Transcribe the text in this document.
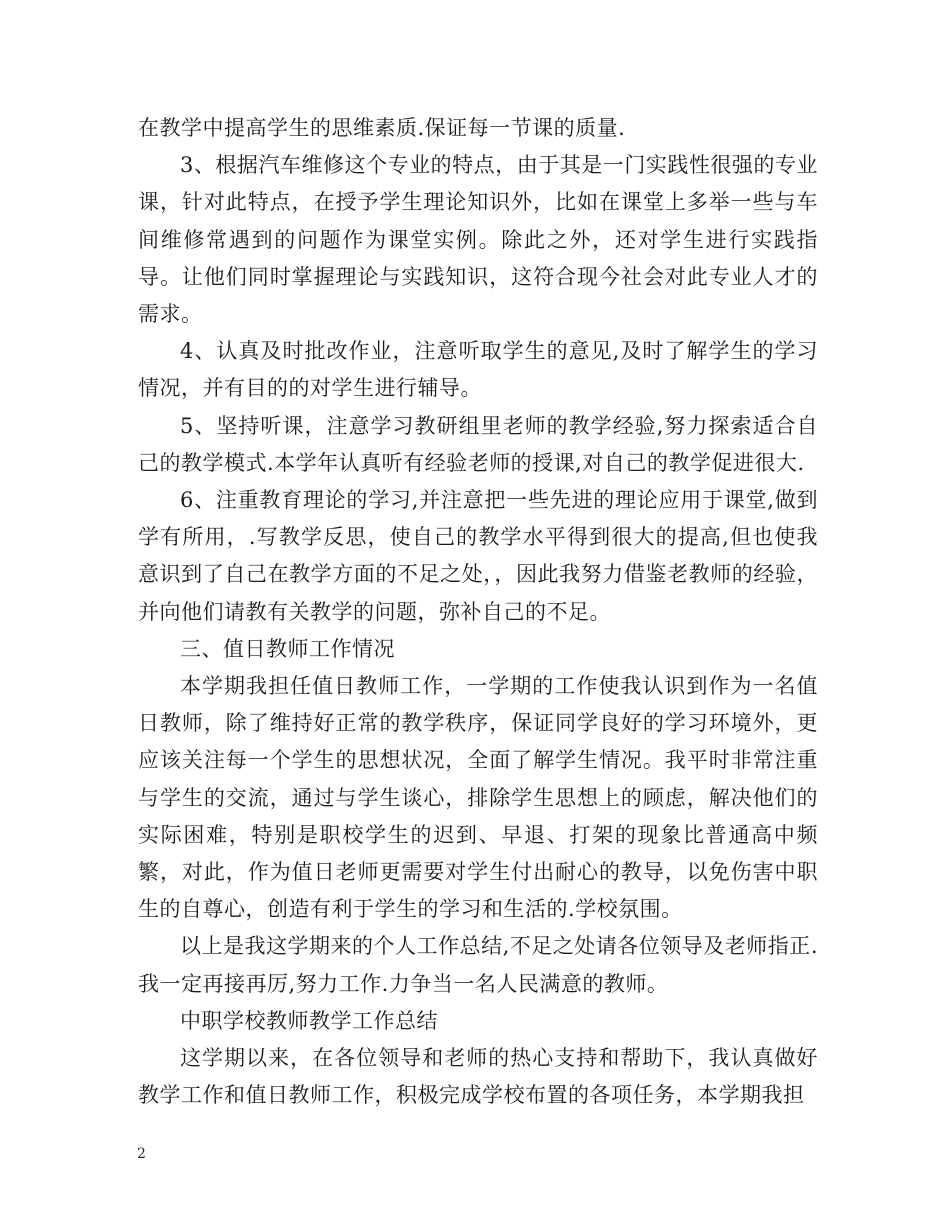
在教学中提高学生的思维素质.保证每一节课的质量.

3、根据汽车维修这个专业的特点，由于其是一门实践性很强的专业课，针对此特点，在授予学生理论知识外，比如在课堂上多举一些与车间维修常遇到的问题作为课堂实例。除此之外，还对学生进行实践指导。让他们同时掌握理论与实践知识，这符合现今社会对此专业人才的需求。

4、认真及时批改作业，注意听取学生的意见,及时了解学生的学习情况，并有目的的对学生进行辅导。

5、坚持听课，注意学习教研组里老师的教学经验,努力探索适合自己的教学模式.本学年认真听有经验老师的授课,对自己的教学促进很大.

6、注重教育理论的学习,并注意把一些先进的理论应用于课堂,做到学有所用，.写教学反思，使自己的教学水平得到很大的提高,但也使我意识到了自己在教学方面的不足之处，，因此我努力借鉴老教师的经验，并向他们请教有关教学的问题，弥补自己的不足。

三、值日教师工作情况

本学期我担任值日教师工作，一学期的工作使我认识到作为一名值日教师，除了维持好正常的教学秩序，保证同学良好的学习环境外，更应该关注每一个学生的思想状况，全面了解学生情况。我平时非常注重与学生的交流，通过与学生谈心，排除学生思想上的顾虑，解决他们的实际困难，特别是职校学生的迟到、早退、打架的现象比普通高中频繁，对此，作为值日老师更需要对学生付出耐心的教导，以免伤害中职生的自尊心，创造有利于学生的学习和生活的.学校氛围。

以上是我这学期来的个人工作总结,不足之处请各位领导及老师指正.我一定再接再厉,努力工作.力争当一名人民满意的教师。

中职学校教师教学工作总结

这学期以来，在各位领导和老师的热心支持和帮助下，我认真做好教学工作和值日教师工作，积极完成学校布置的各项任务，本学期我担

2
